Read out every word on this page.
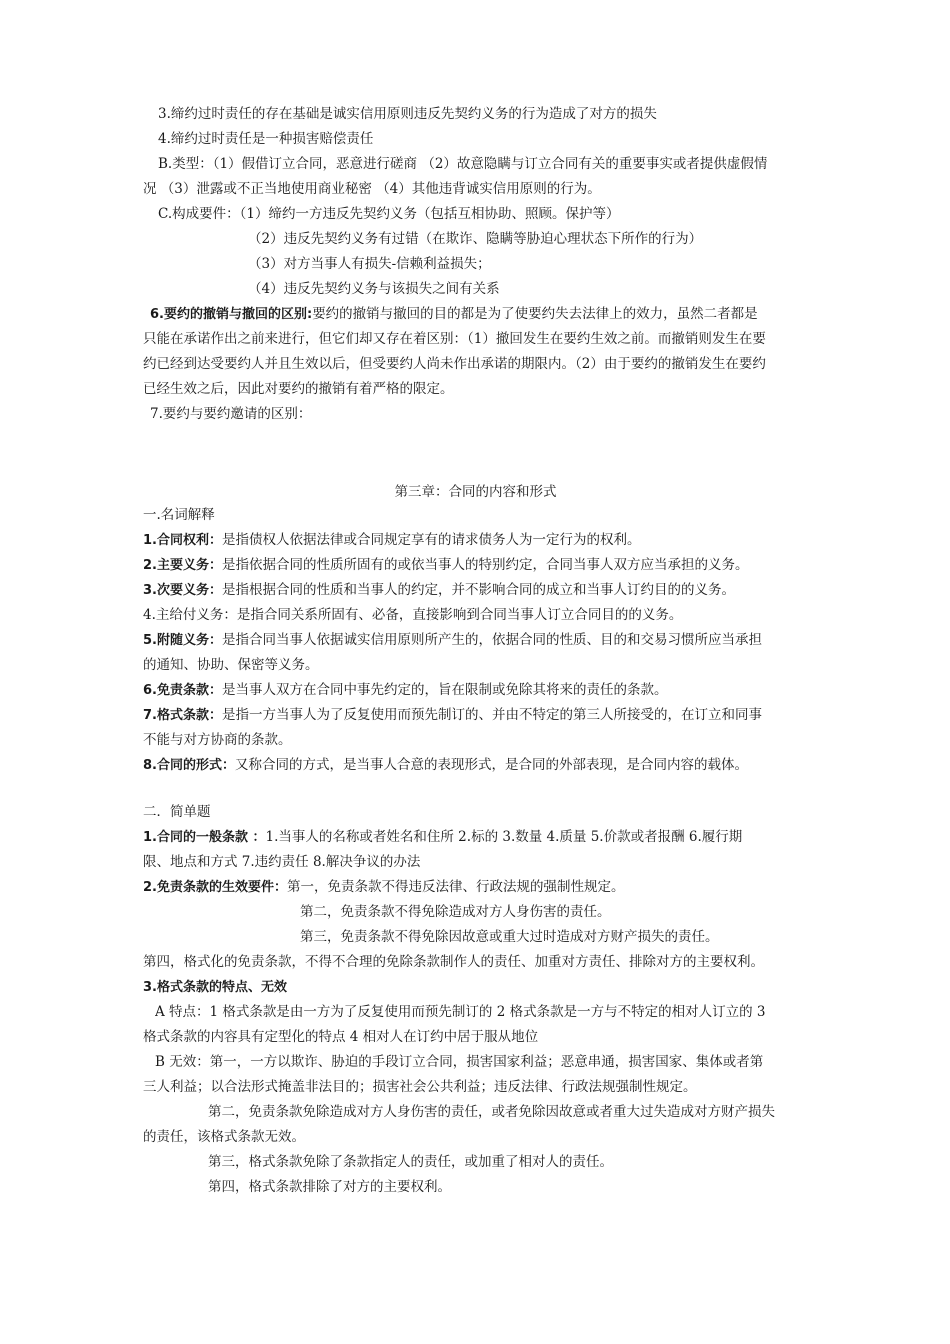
3.缔约过时责任的存在基础是诚实信用原则违反先契约义务的行为造成了对方的损失
4.缔约过时责任是一种损害赔偿责任
B.类型：（1）假借订立合同，恶意进行磋商 （2）故意隐瞒与订立合同有关的重要事实或者提供虚假情
况 （3）泄露或不正当地使用商业秘密 （4）其他违背诚实信用原则的行为。
C.构成要件：（1）缔约一方违反先契约义务（包括互相协助、照顾。保护等）
（2）违反先契约义务有过错（在欺诈、隐瞒等胁迫心理状态下所作的行为）
（3）对方当事人有损失-信赖利益损失；
（4）违反先契约义务与该损失之间有关系
6.要约的撤销与撤回的区别:要约的撤销与撤回的目的都是为了使要约失去法律上的效力，虽然二者都是
只能在承诺作出之前来进行，但它们却又存在着区别：（1）撤回发生在要约生效之前。而撤销则发生在要
约已经到达受要约人并且生效以后，但受要约人尚未作出承诺的期限内。（2）由于要约的撤销发生在要约
已经生效之后，因此对要约的撤销有着严格的限定。
7.要约与要约邀请的区别：
第三章：合同的内容和形式
一.名词解释
1.合同权利：是指债权人依据法律或合同规定享有的请求债务人为一定行为的权利。
2.主要义务：是指依据合同的性质所固有的或依当事人的特别约定，合同当事人双方应当承担的义务。
3.次要义务：是指根据合同的性质和当事人的约定，并不影响合同的成立和当事人订约目的的义务。
4.主给付义务：是指合同关系所固有、必备，直接影响到合同当事人订立合同目的的义务。
5.附随义务：是指合同当事人依据诚实信用原则所产生的，依据合同的性质、目的和交易习惯所应当承担
的通知、协助、保密等义务。
6.免责条款：是当事人双方在合同中事先约定的，旨在限制或免除其将来的责任的条款。
7.格式条款：是指一方当事人为了反复使用而预先制订的、并由不特定的第三人所接受的，在订立和同事
不能与对方协商的条款。
8.合同的形式：又称合同的方式，是当事人合意的表现形式，是合同的外部表现，是合同内容的载体。
二．简单题
1.合同的一般条款 ：1.当事人的名称或者姓名和住所 2.标的 3.数量 4.质量 5.价款或者报酬 6.履行期
限、地点和方式 7.违约责任 8.解决争议的办法
2.免责条款的生效要件：第一，免责条款不得违反法律、行政法规的强制性规定。
第二，免责条款不得免除造成对方人身伤害的责任。
第三，免责条款不得免除因故意或重大过时造成对方财产损失的责任。
第四，格式化的免责条款，不得不合理的免除条款制作人的责任、加重对方责任、排除对方的主要权利。
3.格式条款的特点、无效
A 特点：1 格式条款是由一方为了反复使用而预先制订的 2 格式条款是一方与不特定的相对人订立的 3
格式条款的内容具有定型化的特点 4 相对人在订约中居于服从地位
B 无效：第一，一方以欺诈、胁迫的手段订立合同，损害国家利益；恶意串通，损害国家、集体或者第
三人利益；以合法形式掩盖非法目的；损害社会公共利益；违反法律、行政法规强制性规定。
第二，免责条款免除造成对方人身伤害的责任，或者免除因故意或者重大过失造成对方财产损失
的责任，该格式条款无效。
第三，格式条款免除了条款指定人的责任，或加重了相对人的责任。
第四，格式条款排除了对方的主要权利。
